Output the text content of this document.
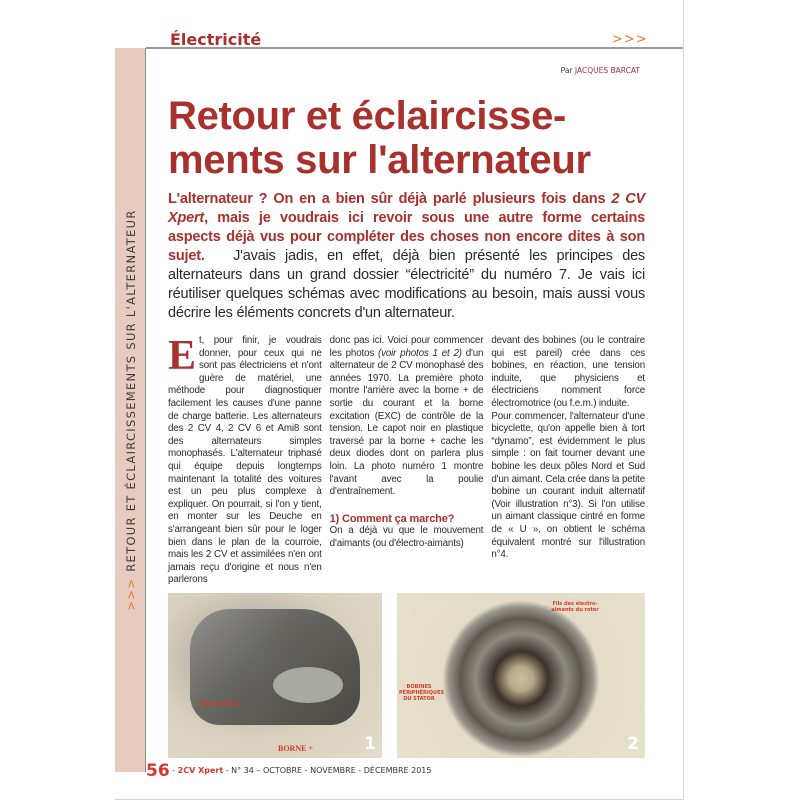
>>>RETOUR ET ÉCLAIRCISSEMENTS SUR L'ALTERNATEUR
Électricité	>>>
Par JACQUES BARCAT
Retour et éclaircisse-ments sur l'alternateur
L'alternateur ? On en a bien sûr déjà parlé plusieurs fois dans 2 CV Xpert, mais je voudrais ici revoir sous une autre forme certains aspects déjà vus pour compléter des choses non encore dites à son sujet. J'avais jadis, en effet, déjà bien présenté les principes des alternateurs dans un grand dossier “électricité” du numéro 7. Je vais ici réutiliser quelques schémas avec modifications au besoin, mais aussi vous décrire les éléments concrets d'un alternateur.
Et, pour finir, je voudrais donner, pour ceux qui ne sont pas électriciens et n'ont guère de matériel, une méthode pour diagnostiquer facilement les causes d'une panne de charge batterie. Les alternateurs des 2 CV 4, 2 CV 6 et Ami8 sont des alternateurs simples monophasés. L'alternateur triphasé qui équipe depuis longtemps maintenant la totalité des voitures est un peu plus complexe à expliquer. On pourrait, si l'on y tient, en monter sur les Deuche en s'arrangeant bien sûr pour le loger bien dans le plan de la courroie, mais les 2 CV et assimilées n'en ont jamais reçu d'origine et nous n'en parlerons
donc pas ici. Voici pour commencer les photos (voir photos 1 et 2) d'un alternateur de 2 CV monophasé des années 1970. La première photo montre l'arrière avec la borne + de sortie du courant et la borne excitation (EXC) de contrôle de la tension. Le capot noir en plastique traversé par la borne + cache les deux diodes dont on parlera plus loin. La photo numéro 1 montre l'avant avec la poulie d'entraînement.
1) Comment ça marche?
On a déjà vu que le mouvement d'aimants (ou d'électro-aimants)
devant des bobines (ou le contraire qui est pareil) crée dans ces bobines, en réaction, une tension induite, que physiciens et électriciens nomment force électromotrice (ou f.e.m.) induite.
Pour commencer, l'alternateur d'une bicyclette, qu'on appelle bien à tort “dynamo”, est évidemment le plus simple : on fait tourner devant une bobine les deux pôles Nord et Sud d'un aimant. Cela crée dans la petite bobine un courant induit alternatif (Voir illustration n°3). Si l'on utilise un aimant classique cintré en forme de « U », on obtient le schéma équivalent montré sur l'illustration n°4.
Borne EXC
BORNE +	1
Fils des électro-aimants du rotor
BOBINES PÉRIPHÉRIQUES DU STATOR
2
56 - 2CV Xpert - N° 34 – OCTOBRE - NOVEMBRE - DÉCEMBRE 2015
